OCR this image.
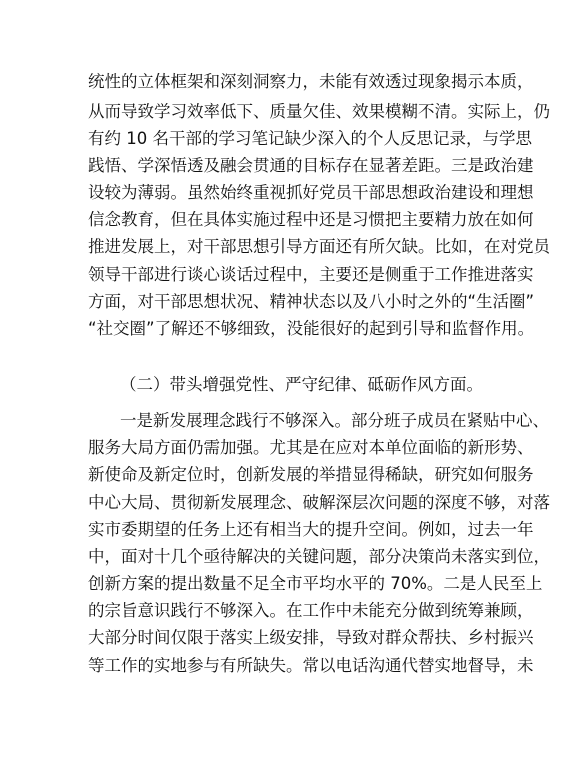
统性的立体框架和深刻洞察力，未能有效透过现象揭示本质，
从而导致学习效率低下、质量欠佳、效果模糊不清。实际上，仍
有约 10 名干部的学习笔记缺少深入的个人反思记录，与学思
践悟、学深悟透及融会贯通的目标存在显著差距。三是政治建
设较为薄弱。虽然始终重视抓好党员干部思想政治建设和理想
信念教育，但在具体实施过程中还是习惯把主要精力放在如何
推进发展上，对干部思想引导方面还有所欠缺。比如，在对党员
领导干部进行谈心谈话过程中，主要还是侧重于工作推进落实
方面，对干部思想状况、精神状态以及八小时之外的“生活圈”
“社交圈”了解还不够细致，没能很好的起到引导和监督作用。
（二）带头增强党性、严守纪律、砥砺作风方面。
一是新发展理念践行不够深入。部分班子成员在紧贴中心、
服务大局方面仍需加强。尤其是在应对本单位面临的新形势、
新使命及新定位时，创新发展的举措显得稀缺，研究如何服务
中心大局、贯彻新发展理念、破解深层次问题的深度不够，对落
实市委期望的任务上还有相当大的提升空间。例如，过去一年
中，面对十几个亟待解决的关键问题，部分决策尚未落实到位，
创新方案的提出数量不足全市平均水平的 70%。二是人民至上
的宗旨意识践行不够深入。在工作中未能充分做到统筹兼顾，
大部分时间仅限于落实上级安排，导致对群众帮扶、乡村振兴
等工作的实地参与有所缺失。常以电话沟通代替实地督导，未
